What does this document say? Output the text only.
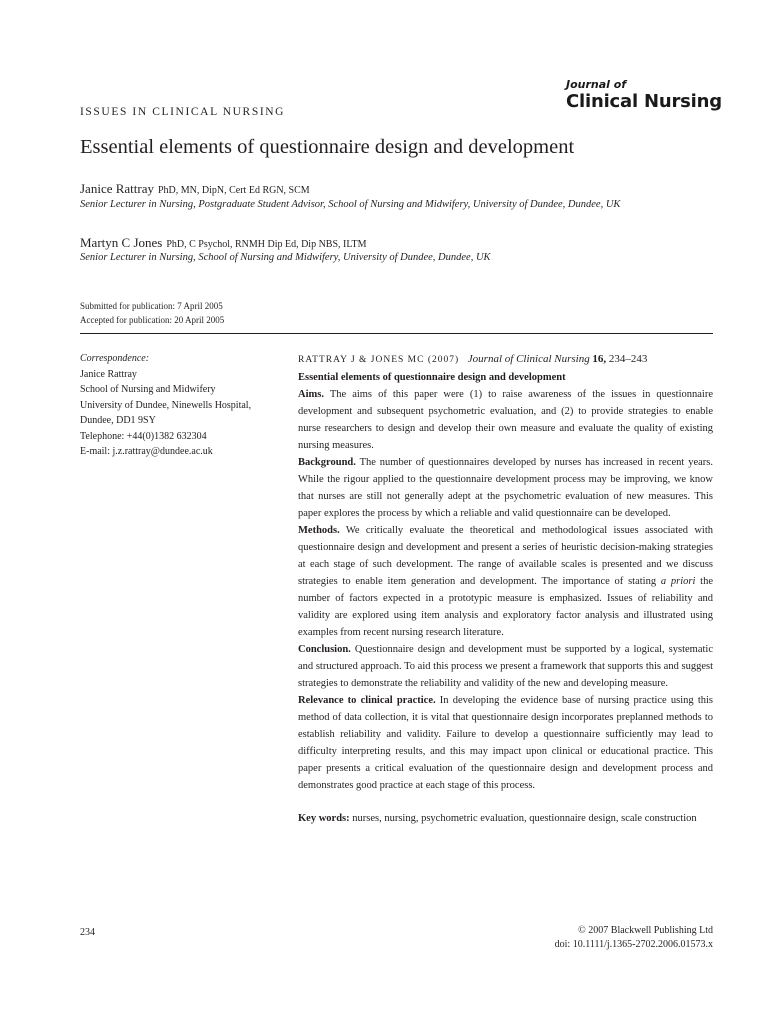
Journal of
Clinical Nursing
ISSUES IN CLINICAL NURSING
Essential elements of questionnaire design and development
Janice Rattray PhD, MN, DipN, Cert Ed RGN, SCM
Senior Lecturer in Nursing, Postgraduate Student Advisor, School of Nursing and Midwifery, University of Dundee, Dundee, UK
Martyn C Jones PhD, C Psychol, RNMH Dip Ed, Dip NBS, ILTM
Senior Lecturer in Nursing, School of Nursing and Midwifery, University of Dundee, Dundee, UK
Submitted for publication: 7 April 2005
Accepted for publication: 20 April 2005
Correspondence:
Janice Rattray
School of Nursing and Midwifery
University of Dundee, Ninewells Hospital,
Dundee, DD1 9SY
Telephone: +44(0)1382 632304
E-mail: j.z.rattray@dundee.ac.uk
RATTRAY J & JONES MC (2007) Journal of Clinical Nursing 16, 234–243
Essential elements of questionnaire design and development
Aims. The aims of this paper were (1) to raise awareness of the issues in questionnaire development and subsequent psychometric evaluation, and (2) to provide strategies to enable nurse researchers to design and develop their own measure and evaluate the quality of existing nursing measures.
Background. The number of questionnaires developed by nurses has increased in recent years. While the rigour applied to the questionnaire development process may be improving, we know that nurses are still not generally adept at the psychometric evaluation of new measures. This paper explores the process by which a reliable and valid questionnaire can be developed.
Methods. We critically evaluate the theoretical and methodological issues associated with questionnaire design and development and present a series of heuristic decision-making strategies at each stage of such development. The range of available scales is presented and we discuss strategies to enable item generation and development. The importance of stating a priori the number of factors expected in a prototypic measure is emphasized. Issues of reliability and validity are explored using item analysis and exploratory factor analysis and illustrated using examples from recent nursing research literature.
Conclusion. Questionnaire design and development must be supported by a logical, systematic and structured approach. To aid this process we present a framework that supports this and suggest strategies to demonstrate the reliability and validity of the new and developing measure.
Relevance to clinical practice. In developing the evidence base of nursing practice using this method of data collection, it is vital that questionnaire design incorporates preplanned methods to establish reliability and validity. Failure to develop a questionnaire sufficiently may lead to difficulty interpreting results, and this may impact upon clinical or educational practice. This paper presents a critical evaluation of the questionnaire design and development process and demonstrates good practice at each stage of this process.
Key words: nurses, nursing, psychometric evaluation, questionnaire design, scale construction
234	© 2007 Blackwell Publishing Ltd
doi: 10.1111/j.1365-2702.2006.01573.x
